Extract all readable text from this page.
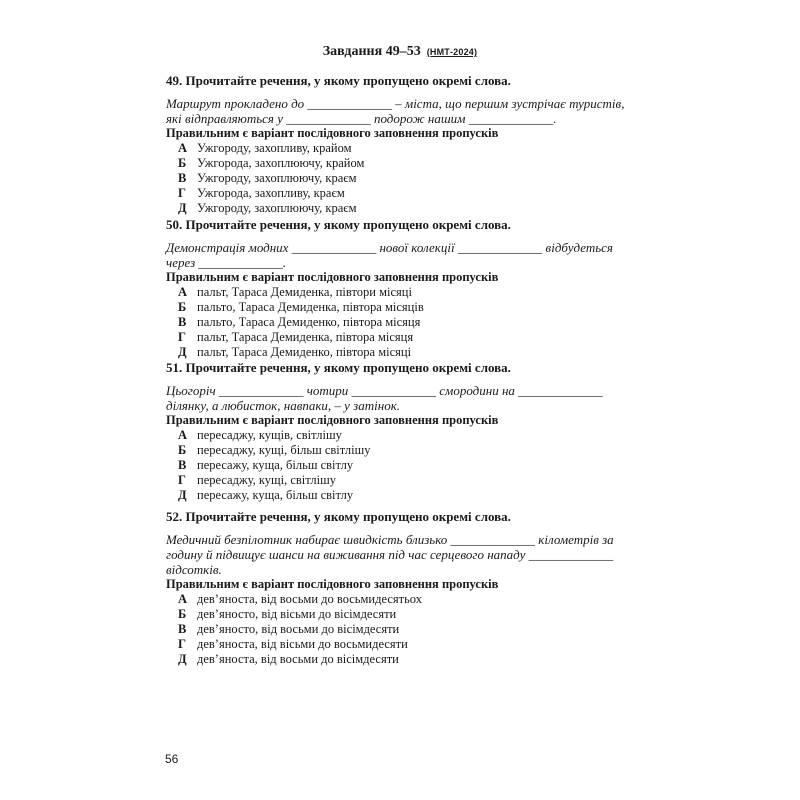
Завдання 49–53 (НМТ-2024)
49. Прочитайте речення, у якому пропущено окремі слова.

Маршрут прокладено до _____________ – міста, що першим зустрічає туристів, які відправляються у _____________ подорож нашим _____________.

Правильним є варіант послідовного заповнення пропусків
А Ужгороду, захопливу, крайом
Б Ужгорода, захоплюючу, крайом
В Ужгороду, захоплюючу, краєм
Г Ужгорода, захопливу, краєм
Д Ужгороду, захоплюючу, краєм
50. Прочитайте речення, у якому пропущено окремі слова.

Демонстрація модних _____________ нової колекції _____________ відбудеться через _____________.

Правильним є варіант послідовного заповнення пропусків
А пальт, Тараса Демиденка, півтори місяці
Б пальто, Тараса Демиденка, півтора місяців
В пальто, Тараса Демиденко, півтора місяця
Г пальт, Тараса Демиденка, півтора місяця
Д пальт, Тараса Демиденко, півтора місяці
51. Прочитайте речення, у якому пропущено окремі слова.

Цьогоріч _____________ чотири _____________ смородини на _____________ ділянку, а любисток, навпаки, – у затінок.

Правильним є варіант послідовного заповнення пропусків
А пересаджу, кущів, світлішу
Б пересаджу, кущі, більш світлішу
В пересажу, куща, більш світлу
Г пересаджу, кущі, світлішу
Д пересажу, куща, більш світлу
52. Прочитайте речення, у якому пропущено окремі слова.

Медичний безпілотник набирає швидкість близько _____________ кілометрів за годину й підвищує шанси на виживання під час серцевого нападу _____________ відсотків.

Правильним є варіант послідовного заповнення пропусків
А дев’яноста, від восьми до восьмидесятьох
Б дев’яносто, від вісьми до вісімдесяти
В дев’яносто, від восьми до вісімдесяти
Г дев’яноста, від вісьми до восьмидесяти
Д дев’яноста, від восьми до вісімдесяти
56
